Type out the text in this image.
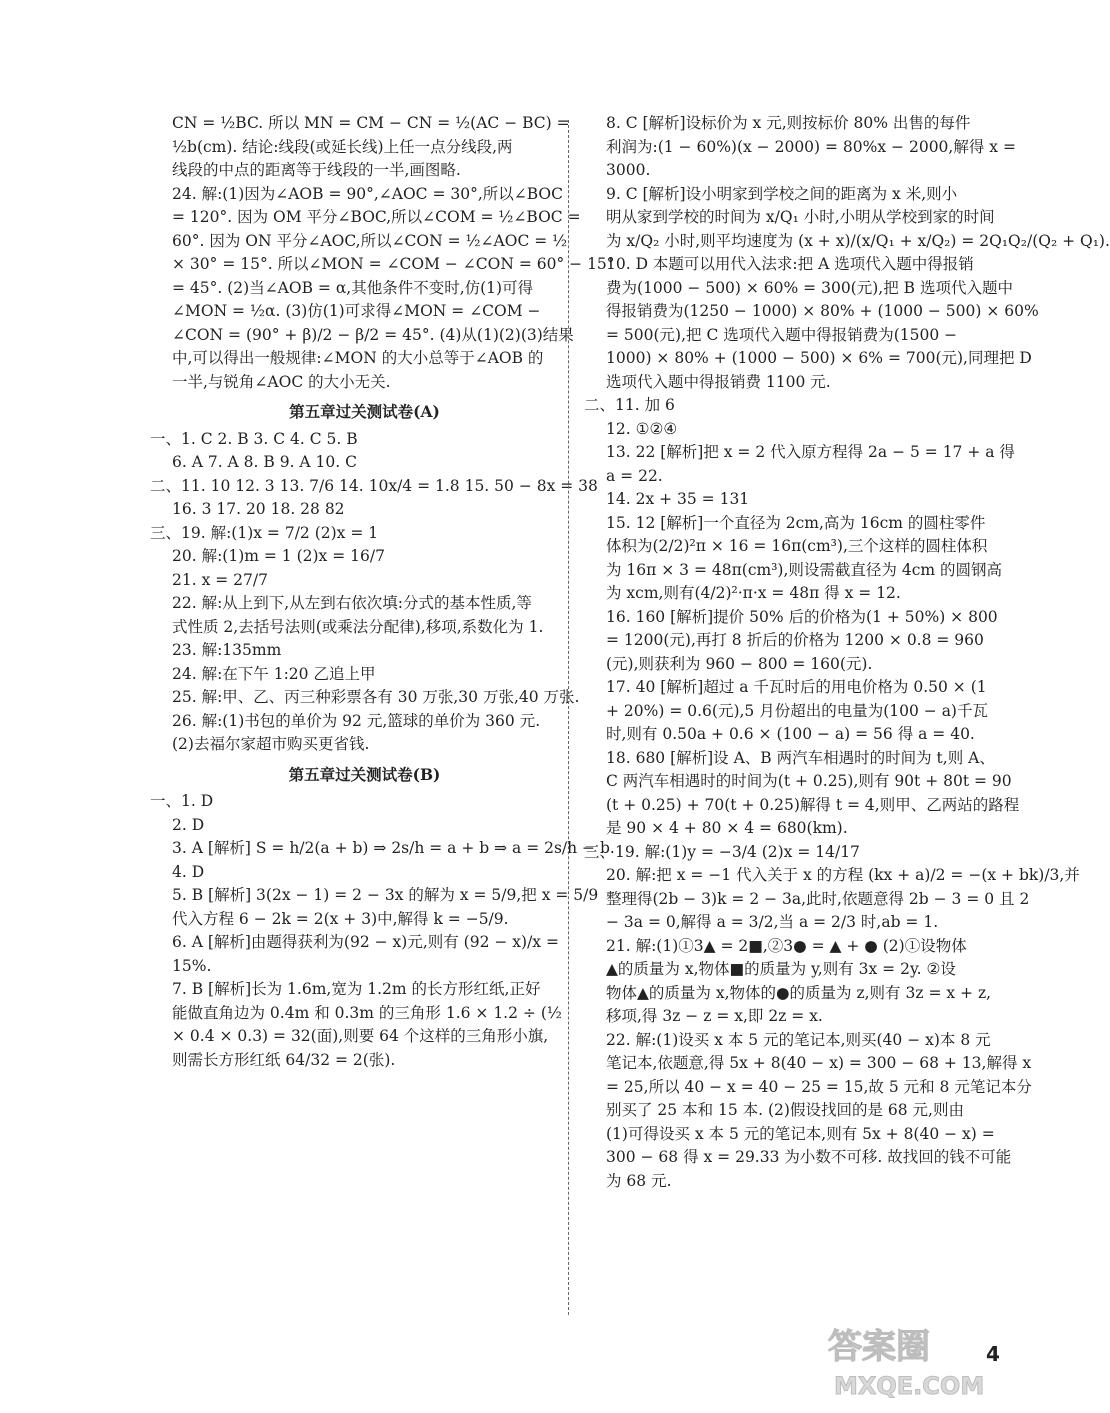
CN = ½BC. 所以 MN = CM − CN = ½(AC − BC) =
½b(cm). 结论:线段(或延长线)上任一点分线段,两
线段的中点的距离等于线段的一半,画图略.
24. 解:(1)因为∠AOB = 90°,∠AOC = 30°,所以∠BOC
= 120°. 因为 OM 平分∠BOC,所以∠COM = ½∠BOC =
60°. 因为 ON 平分∠AOC,所以∠CON = ½∠AOC = ½
× 30° = 15°. 所以∠MON = ∠COM − ∠CON = 60° − 15°
= 45°. (2)当∠AOB = α,其他条件不变时,仿(1)可得
∠MON = ½α. (3)仿(1)可求得∠MON = ∠COM −
∠CON = (90° + β)/2 − β/2 = 45°. (4)从(1)(2)(3)结果
中,可以得出一般规律:∠MON 的大小总等于∠AOB 的
一半,与锐角∠AOC 的大小无关.
第五章过关测试卷(A)
一、1. C 2. B 3. C 4. C 5. B
6. A 7. A 8. B 9. A 10. C
二、11. 10 12. 3 13. 7/6 14. 10x/4 = 1.8 15. 50 − 8x = 38
16. 3 17. 20 18. 28 82
三、19. 解:(1)x = 7/2 (2)x = 1
20. 解:(1)m = 1 (2)x = 16/7
21. x = 27/7
22. 解:从上到下,从左到右依次填:分式的基本性质,等
式性质 2,去括号法则(或乘法分配律),移项,系数化为 1.
23. 解:135mm
24. 解:在下午 1:20 乙追上甲
25. 解:甲、乙、丙三种彩票各有 30 万张,30 万张,40 万张.
26. 解:(1)书包的单价为 92 元,篮球的单价为 360 元.
(2)去福尔家超市购买更省钱.
第五章过关测试卷(B)
一、1. D
2. D
3. A [解析] S = h/2(a + b) ⇒ 2s/h = a + b ⇒ a = 2s/h − b.
4. D
5. B [解析] 3(2x − 1) = 2 − 3x 的解为 x = 5/9,把 x = 5/9
代入方程 6 − 2k = 2(x + 3)中,解得 k = −5/9.
6. A [解析]由题得获利为(92 − x)元,则有 (92 − x)/x =
15%.
7. B [解析]长为 1.6m,宽为 1.2m 的长方形红纸,正好
能做直角边为 0.4m 和 0.3m 的三角形 1.6 × 1.2 ÷ (½
× 0.4 × 0.3) = 32(面),则要 64 个这样的三角形小旗,
则需长方形红纸 64/32 = 2(张).
8. C [解析]设标价为 x 元,则按标价 80% 出售的每件
利润为:(1 − 60%)(x − 2000) = 80%x − 2000,解得 x =
3000.
9. C [解析]设小明家到学校之间的距离为 x 米,则小
明从家到学校的时间为 x/Q₁ 小时,小明从学校到家的时间
为 x/Q₂ 小时,则平均速度为 (x + x)/(x/Q₁ + x/Q₂) = 2Q₁Q₂/(Q₂ + Q₁).
10. D 本题可以用代入法求:把 A 选项代入题中得报销
费为(1000 − 500) × 60% = 300(元),把 B 选项代入题中
得报销费为(1250 − 1000) × 80% + (1000 − 500) × 60%
= 500(元),把 C 选项代入题中得报销费为(1500 −
1000) × 80% + (1000 − 500) × 6% = 700(元),同理把 D
选项代入题中得报销费 1100 元.
二、11. 加 6
12. ①②④
13. 22 [解析]把 x = 2 代入原方程得 2a − 5 = 17 + a 得
a = 22.
14. 2x + 35 = 131
15. 12 [解析]一个直径为 2cm,高为 16cm 的圆柱零件
体积为(2/2)²π × 16 = 16π(cm³),三个这样的圆柱体积
为 16π × 3 = 48π(cm³),则设需截直径为 4cm 的圆钢高
为 xcm,则有(4/2)²·π·x = 48π 得 x = 12.
16. 160 [解析]提价 50% 后的价格为(1 + 50%) × 800
= 1200(元),再打 8 折后的价格为 1200 × 0.8 = 960
(元),则获利为 960 − 800 = 160(元).
17. 40 [解析]超过 a 千瓦时后的用电价格为 0.50 × (1
+ 20%) = 0.6(元),5 月份超出的电量为(100 − a)千瓦
时,则有 0.50a + 0.6 × (100 − a) = 56 得 a = 40.
18. 680 [解析]设 A、B 两汽车相遇时的时间为 t,则 A、
C 两汽车相遇时的时间为(t + 0.25),则有 90t + 80t = 90
(t + 0.25) + 70(t + 0.25)解得 t = 4,则甲、乙两站的路程
是 90 × 4 + 80 × 4 = 680(km).
三、19. 解:(1)y = −3/4 (2)x = 14/17
20. 解:把 x = −1 代入关于 x 的方程 (kx + a)/2 = −(x + bk)/3,并
整理得(2b − 3)k = 2 − 3a,此时,依题意得 2b − 3 = 0 且 2
− 3a = 0,解得 a = 3/2,当 a = 2/3 时,ab = 1.
21. 解:(1)①3▲ = 2■,②3● = ▲ + ● (2)①设物体
▲的质量为 x,物体■的质量为 y,则有 3x = 2y. ②设
物体▲的质量为 x,物体的●的质量为 z,则有 3z = x + z,
移项,得 3z − z = x,即 2z = x.
22. 解:(1)设买 x 本 5 元的笔记本,则买(40 − x)本 8 元
笔记本,依题意,得 5x + 8(40 − x) = 300 − 68 + 13,解得 x
= 25,所以 40 − x = 40 − 25 = 15,故 5 元和 8 元笔记本分
别买了 25 本和 15 本. (2)假设找回的是 68 元,则由
(1)可得设买 x 本 5 元的笔记本,则有 5x + 8(40 − x) =
300 − 68 得 x = 29.33 为小数不可移. 故找回的钱不可能
为 68 元.
4
答案圈
MXQE.COM
